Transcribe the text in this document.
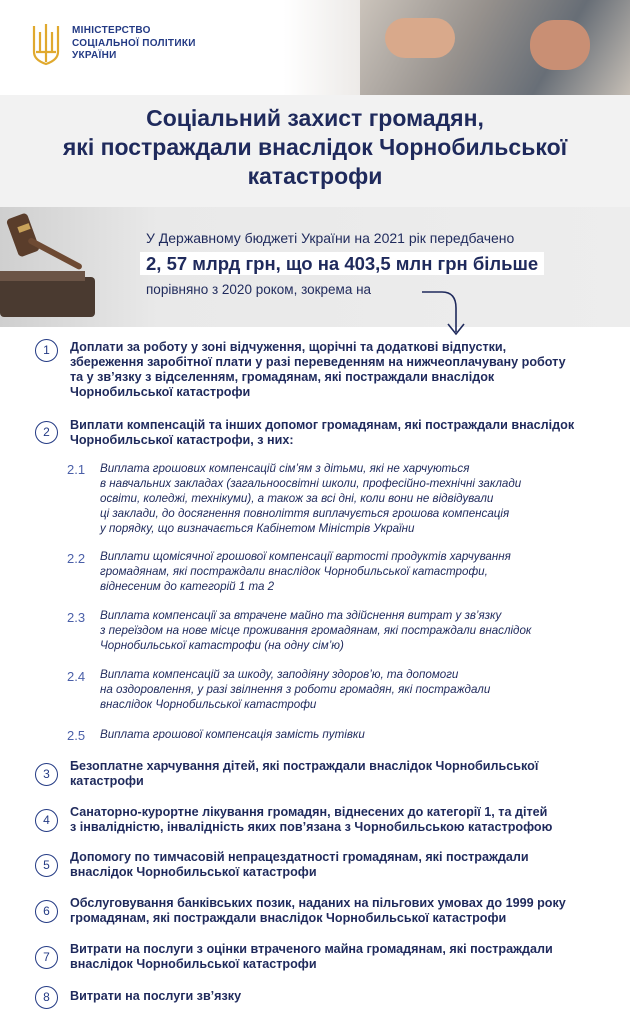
МІНІСТЕРСТВО
СОЦІАЛЬНОЇ ПОЛІТИКИ
УКРАЇНИ
Соціальний захист громадян,
які постраждали внаслідок Чорнобильської
катастрофи
У Державному бюджеті України на 2021 рік передбачено
2, 57 млрд грн, що на 403,5 млн грн більше
порівняно з 2020 роком, зокрема на
1	Доплати за роботу у зоні відчуження, щорічні та додаткові відпустки,
збереження заробітної плати у разі переведенням на нижчеоплачувану роботу
та у зв’язку з відселенням, громадянам, які постраждали внаслідок
Чорнобильської катастрофи
2	Виплати компенсацій та інших допомог громадянам, які постраждали внаслідок
Чорнобильської катастрофи, з них:
2.1 Виплата грошових компенсацій сім’ям з дітьми, які не харчуються
в навчальних закладах (загальноосвітні школи, професійно-технічні заклади
освіти, коледжі, технікуми), а також за всі дні, коли вони не відвідували
ці заклади, до досягнення повноліття виплачується грошова компенсація
у порядку, що визначається Кабінетом Міністрів України
2.2 Виплати щомісячної грошової компенсації вартості продуктів харчування
громадянам, які постраждали внаслідок Чорнобильської катастрофи,
віднесеним до категорій 1 та 2
2.3 Виплата компенсації за втрачене майно та здійснення витрат у зв’язку
з переїздом на нове місце проживання громадянам, які постраждали внаслідок
Чорнобильської катастрофи (на одну сім’ю)
2.4 Виплата компенсацій за шкоду, заподіяну здоров’ю, та допомоги
на оздоровлення, у разі звілнення з роботи громадян, які постраждали
внаслідок Чорнобильської катастрофи
2.5 Виплата грошової компенсація замість путівки
3
Безоплатне харчування дітей, які постраждали внаслідок Чорнобильської
катастрофи
4
Санаторно-курортне лікування громадян, віднесених до категорії 1, та дітей
з інвалідністю, інвалідність яких пов’язана з Чорнобильською катастрофою
5
Допомогу по тимчасовій непрацездатності громадянам, які постраждали
внаслідок Чорнобильської катастрофи
6
Обслуговування банківських позик, наданих на пільгових умовах до 1999 року
громадянам, які постраждали внаслідок Чорнобильської катастрофи
7
Витрати на послуги з оцінки втраченого майна громадянам, які постраждали
внаслідок Чорнобильської катастрофи
8	Витрати на послуги зв’язку
